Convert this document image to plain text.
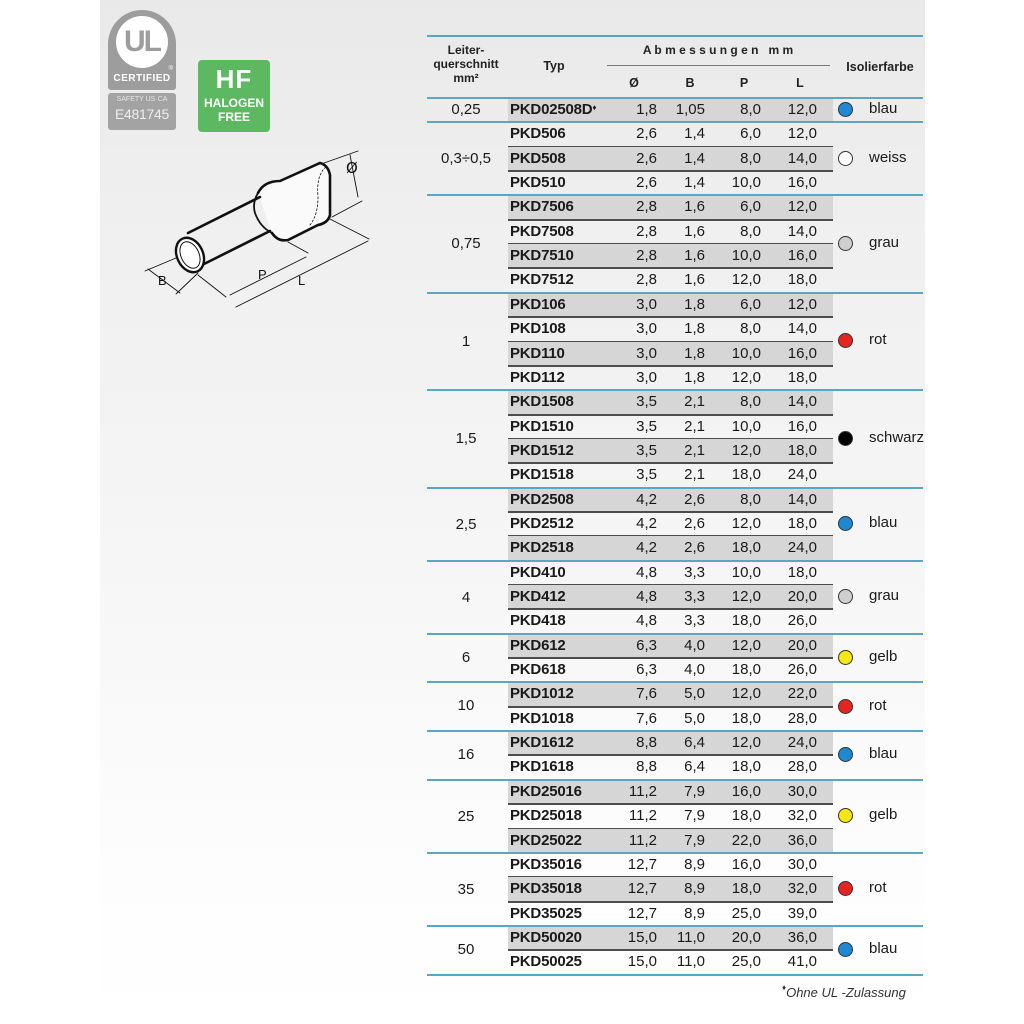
UL
®
CERTIFIED
SAFETY US·CA
E481745
HF
HALOGEN
FREE
Ø
B	P L
Leiter-
querschnitt
mm²
Typ
A b m e s s u n g e n   m m
Ø	B	P	L
Isolierfarbe
PKD02508D♦	1,8	1,05	8,0	12,0
0,25	blau
PKD506	2,6	1,4	6,0	12,0
PKD508	2,6	1,4	8,0	14,0
PKD510	2,6	1,4	10,0	16,0
0,3÷0,5	weiss
PKD7506	2,8	1,6	6,0	12,0
PKD7508	2,8	1,6	8,0	14,0
PKD7510	2,8	1,6	10,0	16,0
PKD7512	2,8	1,6	12,0	18,0
0,75	grau
PKD106	3,0	1,8	6,0	12,0
PKD108	3,0	1,8	8,0	14,0
PKD110	3,0	1,8	10,0	16,0
PKD112	3,0	1,8	12,0	18,0
1	rot
PKD1508	3,5	2,1	8,0	14,0
PKD1510	3,5	2,1	10,0	16,0
PKD1512	3,5	2,1	12,0	18,0
PKD1518	3,5	2,1	18,0	24,0
1,5	schwarz
PKD2508	4,2	2,6	8,0	14,0
PKD2512	4,2	2,6	12,0	18,0
PKD2518	4,2	2,6	18,0	24,0
2,5	blau
PKD410	4,8	3,3	10,0	18,0
PKD412	4,8	3,3	12,0	20,0
PKD418	4,8	3,3	18,0	26,0
4	grau
PKD612	6,3	4,0	12,0	20,0
PKD618	6,3	4,0	18,0	26,0
6	gelb
PKD1012	7,6	5,0	12,0	22,0
PKD1018	7,6	5,0	18,0	28,0
10	rot
PKD1612	8,8	6,4	12,0	24,0
PKD1618	8,8	6,4	18,0	28,0
16	blau
PKD25016	11,2	7,9	16,0	30,0
PKD25018	11,2	7,9	18,0	32,0
PKD25022	11,2	7,9	22,0	36,0
25	gelb
PKD35016	12,7	8,9	16,0	30,0
PKD35018	12,7	8,9	18,0	32,0
PKD35025	12,7	8,9	25,0	39,0
35	rot
PKD50020	15,0	11,0	20,0	36,0
PKD50025	15,0	11,0	25,0	41,0
50	blau
♦Ohne UL -Zulassung
